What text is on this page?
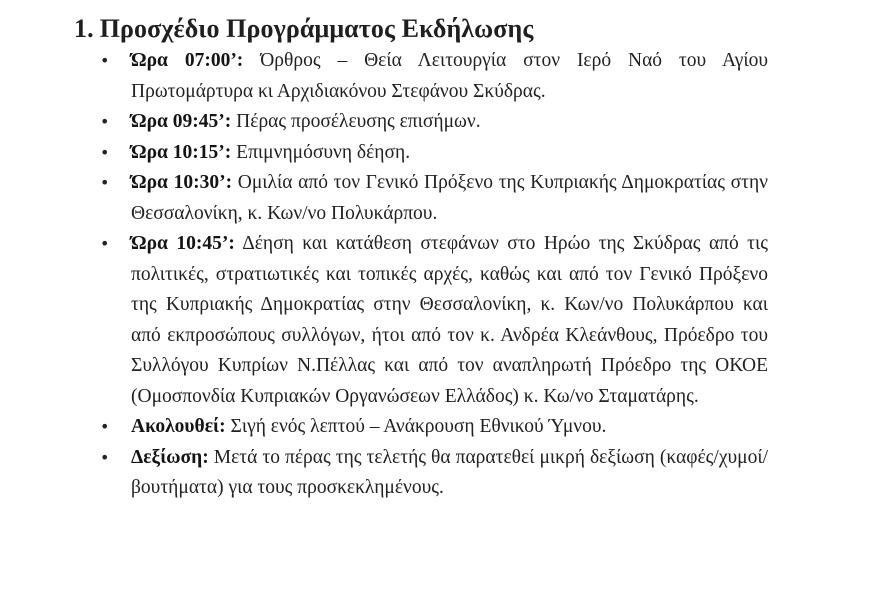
1. Προσχέδιο Προγράμματος Εκδήλωσης
• Ώρα 07:00’: Όρθρος – Θεία Λειτουργία στον Ιερό Ναό του Αγίου Πρωτομάρτυρα κι Αρχιδιακόνου Στεφάνου Σκύδρας.
• Ώρα 09:45’: Πέρας προσέλευσης επισήμων.
• Ώρα 10:15’: Επιμνημόσυνη δέηση.
• Ώρα 10:30’: Ομιλία από τον Γενικό Πρόξενο της Κυπριακής Δημοκρατίας στην Θεσσαλονίκη, κ. Κων/νο Πολυκάρπου.
• Ώρα 10:45’: Δέηση και κατάθεση στεφάνων στο Ηρώο της Σκύδρας από τις πολιτικές, στρατιωτικές και τοπικές αρχές, καθώς και από τον Γενικό Πρόξενο της Κυπριακής Δημοκρατίας στην Θεσσαλονίκη, κ. Κων/νο Πολυκάρπου και από εκπροσώπους συλλόγων, ήτοι από τον κ. Ανδρέα Κλεάνθους, Πρόεδρο του Συλλόγου Κυπρίων Ν.Πέλλας και από τον αναπληρωτή Πρόεδρο της ΟΚΟΕ (Ομοσπονδία Κυπριακών Οργανώσεων Ελλάδος) κ. Κω/νο Σταματάρης.
• Ακολουθεί: Σιγή ενός λεπτού – Ανάκρουση Εθνικού Ύμνου.
• Δεξίωση: Μετά το πέρας της τελετής θα παρατεθεί μικρή δεξίωση (καφές/χυμοί/βουτήματα) για τους προσκεκλημένους.
